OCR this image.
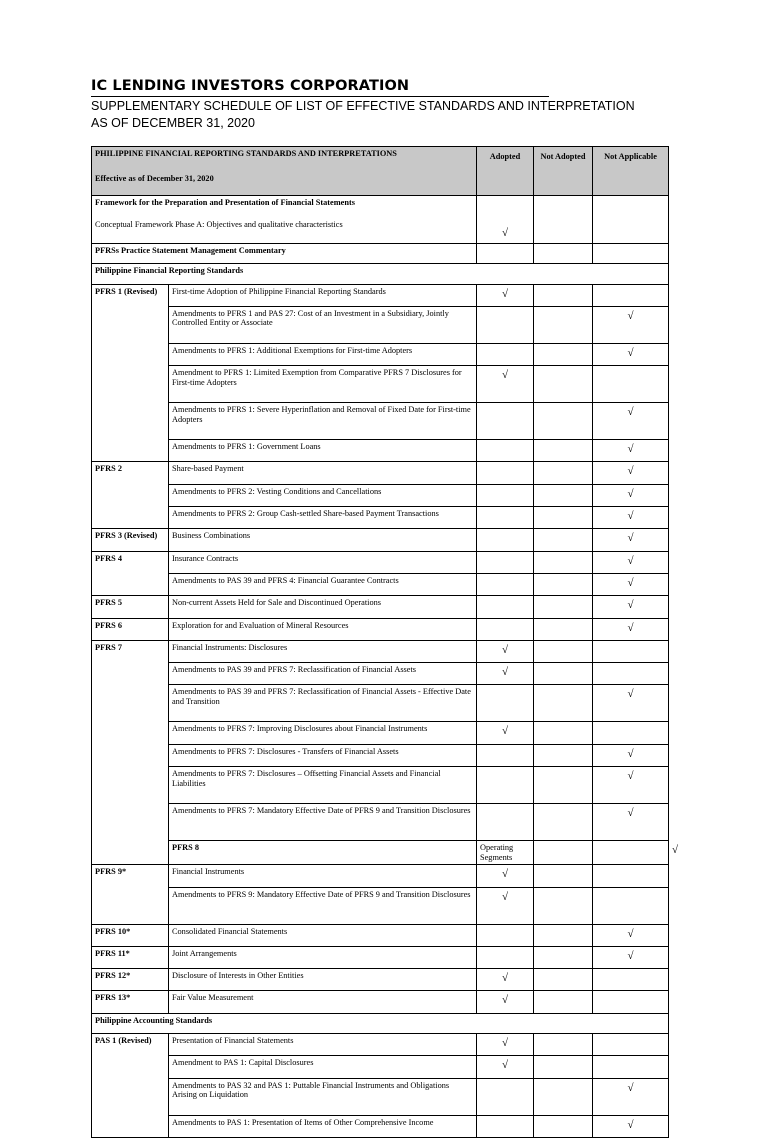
IC LENDING INVESTORS CORPORATION
SUPPLEMENTARY SCHEDULE OF LIST OF EFFECTIVE STANDARDS AND INTERPRETATION
AS OF DECEMBER 31, 2020
PHILIPPINE FINANCIAL REPORTING STANDARDS AND INTERPRETATIONS
Effective as of December 31, 2020		Adopted	Not Adopted	Not Applicable	
Framework for the Preparation and Presentation of Financial Statements
Conceptual Framework Phase A: Objectives and qualitative characteristics		√			
PFRSs Practice Statement Management Commentary					
Philippine Financial Reporting Standards					
PFRS 1 (Revised)	First-time Adoption of Philippine Financial Reporting Standards	√			
	Amendments to PFRS 1 and PAS 27: Cost of an Investment in a Subsidiary, Jointly Controlled Entity or Associate			√	
	Amendments to PFRS 1: Additional Exemptions for First-time Adopters			√	
	Amendment to PFRS 1: Limited Exemption from Comparative PFRS 7 Disclosures for First-time Adopters	√			
	Amendments to PFRS 1: Severe Hyperinflation and Removal of Fixed Date for First-time Adopters			√	
	Amendments to PFRS 1: Government Loans			√	
PFRS 2	Share-based Payment			√	
	Amendments to PFRS 2: Vesting Conditions and Cancellations			√	
	Amendments to PFRS 2: Group Cash-settled Share-based Payment Transactions			√	
PFRS 3 (Revised)	Business Combinations			√	
PFRS 4	Insurance Contracts			√	
	Amendments to PAS 39 and PFRS 4: Financial Guarantee Contracts			√	
PFRS 5	Non-current Assets Held for Sale and Discontinued Operations			√	
PFRS 6	Exploration for and Evaluation of Mineral Resources			√	
PFRS 7	Financial Instruments: Disclosures	√			
	Amendments to PAS 39 and PFRS 7: Reclassification of Financial Assets	√			
	Amendments to PAS 39 and PFRS 7: Reclassification of Financial Assets - Effective Date and Transition			√	
	Amendments to PFRS 7: Improving Disclosures about Financial Instruments	√			
	Amendments to PFRS 7: Disclosures - Transfers of Financial Assets			√	
	Amendments to PFRS 7: Disclosures – Offsetting Financial Assets and Financial Liabilities			√	
	Amendments to PFRS 7: Mandatory Effective Date of PFRS 9 and Transition Disclosures			√	
	PFRS 8	Operating Segments			√
PFRS 9*	Financial Instruments	√			
	Amendments to PFRS 9: Mandatory Effective Date of PFRS 9 and Transition Disclosures	√			
PFRS 10*	Consolidated Financial Statements			√	
PFRS 11*	Joint Arrangements			√	
PFRS 12*	Disclosure of Interests in Other Entities	√			
PFRS 13*	Fair Value Measurement	√			
Philippine Accounting Standards					
PAS 1 (Revised)	Presentation of Financial Statements	√			
	Amendment to PAS 1: Capital Disclosures	√			
	Amendments to PAS 32 and PAS 1: Puttable Financial Instruments and Obligations Arising on Liquidation			√	
	Amendments to PAS 1: Presentation of Items of Other Comprehensive Income			√	
